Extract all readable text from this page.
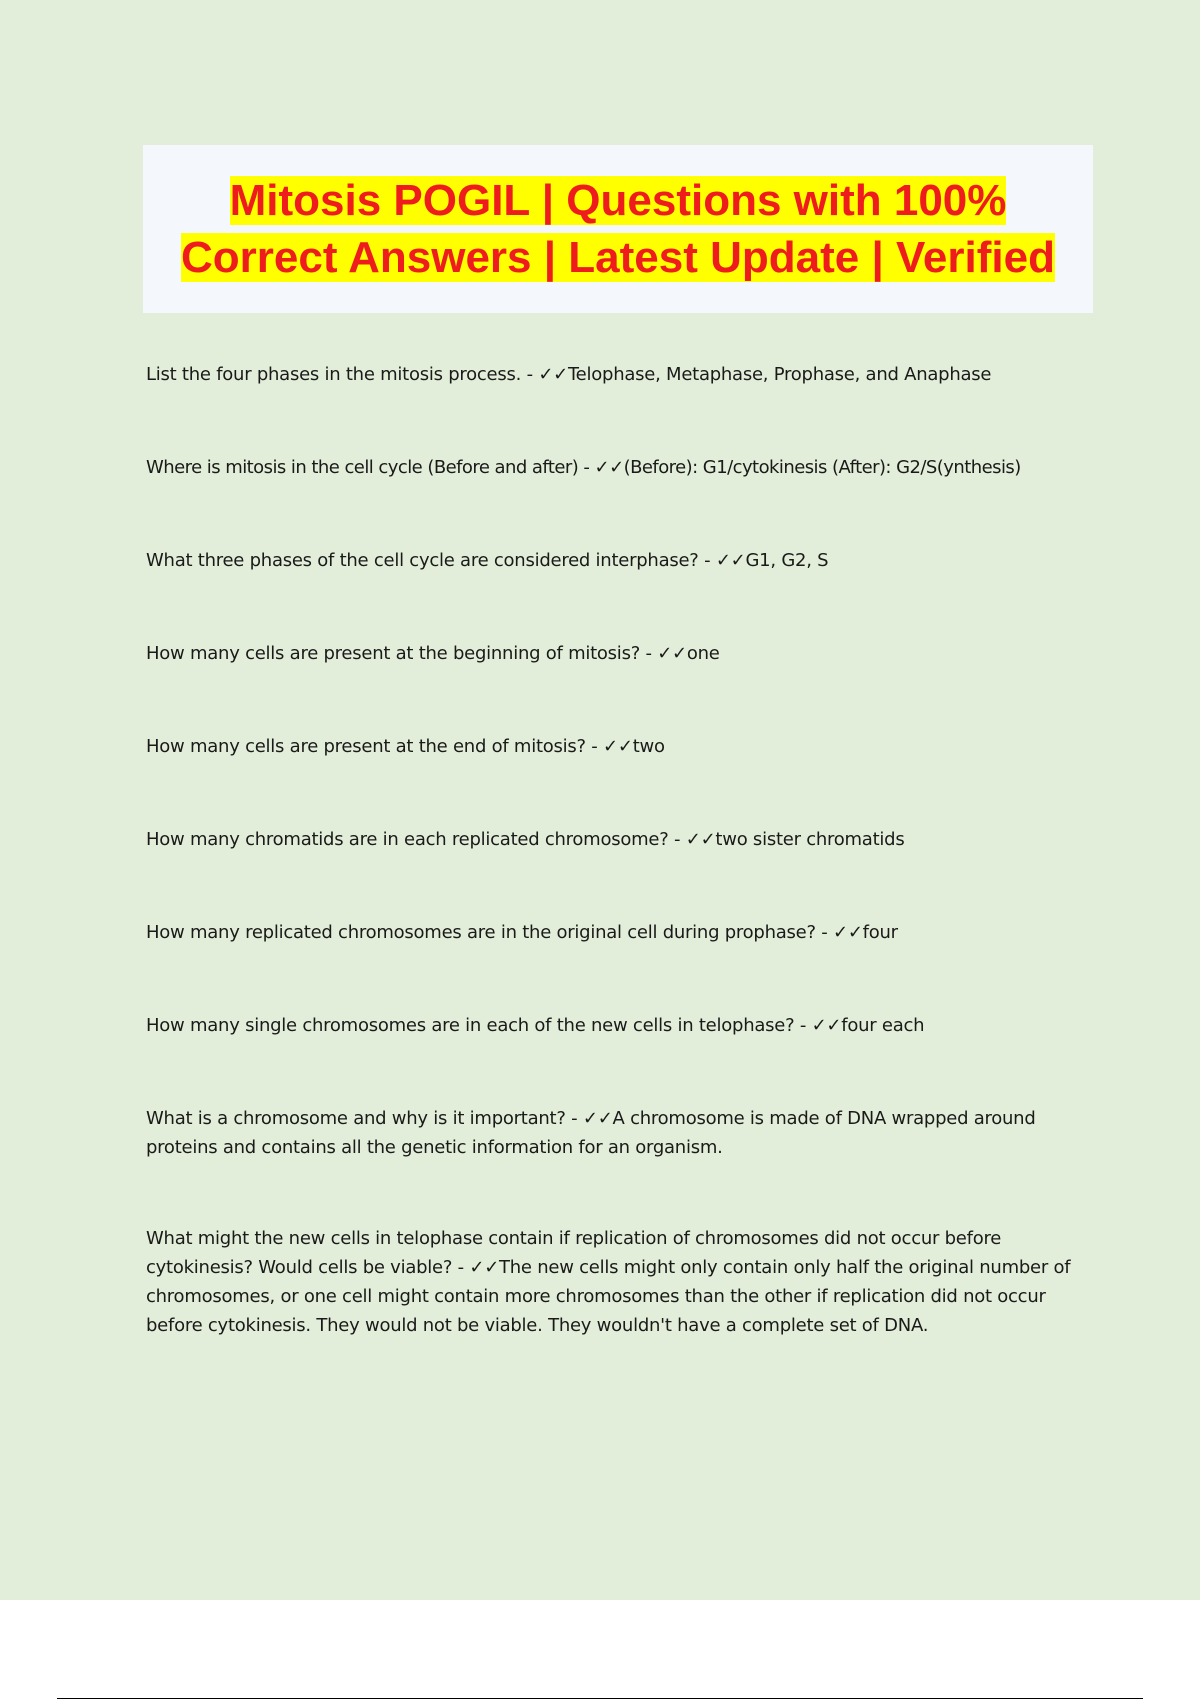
Mitosis POGIL | Questions with 100% Correct Answers | Latest Update | Verified

List the four phases in the mitosis process. - ✓✓Telophase, Metaphase, Prophase, and Anaphase

Where is mitosis in the cell cycle (Before and after) - ✓✓(Before): G1/cytokinesis (After): G2/S(ynthesis)

What three phases of the cell cycle are considered interphase? - ✓✓G1, G2, S

How many cells are present at the beginning of mitosis? - ✓✓one

How many cells are present at the end of mitosis? - ✓✓two

How many chromatids are in each replicated chromosome? - ✓✓two sister chromatids

How many replicated chromosomes are in the original cell during prophase? - ✓✓four

How many single chromosomes are in each of the new cells in telophase? - ✓✓four each

What is a chromosome and why is it important? - ✓✓A chromosome is made of DNA wrapped around proteins and contains all the genetic information for an organism.

What might the new cells in telophase contain if replication of chromosomes did not occur before cytokinesis? Would cells be viable? - ✓✓The new cells might only contain only half the original number of chromosomes, or one cell might contain more chromosomes than the other if replication did not occur before cytokinesis. They would not be viable. They wouldn't have a complete set of DNA.
